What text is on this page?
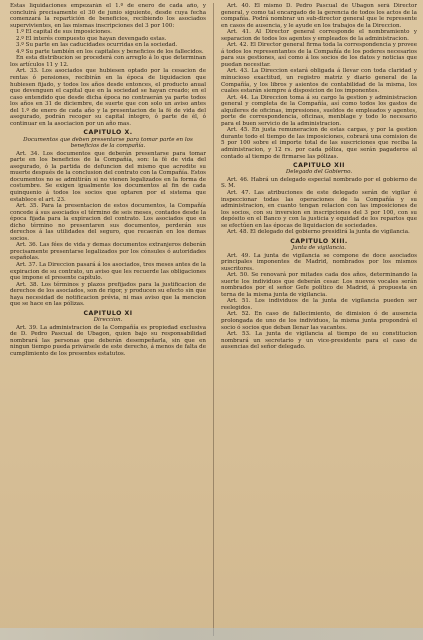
Estas liquidaciones empezarán el 1.º de enero de cada año, y concluirá precisamente el 30 de junio siguiente, desde cuya fecha comenzará la repartición de beneficios, recibiendo los asociados supervivientes, en las mismas inscripciones del 3 por 100:

1.º El capital de sus imposiciones.

2.º El interés compuesto que hayan devengado estas.

3.º Su parte en las caducidades ocurridas en la sociedad.

4.º Su parte también en los capitales y beneficios de los fallecidos.

En esta distribucion se procederá con arreglo á lo que determinan los artículos 11 y 12.

Art. 33. Los asociados que hubiesen optado por la cesacion de rentas ó pensiones, recibirán en la época de liquidacion que hubiesen fijado, y todos los años desde entonces, el producto anual que devenguen el capital que en la sociedad se hayan creado; en el caso entendido que desde dicha época no contraerán ya parte todos los años en 31 de diciembre, de suerte que con solo un aviso antes del 1.º de enero de cada año y la presentacion de la fé de vida del asegurado, podrán recoger su capital íntegro, ó parte de él, ó continuar en la asociacion por un año mas.

CAPITULO X.
Documentos que deben presentarse para tomar parte en los beneficios de la compañía.

Art. 34. Los documentos que deberán presentarse para tomar parte en los beneficios de la Compañía, son: la fé de vida del asegurado, ó la partida de defuncion del mismo que acredite su muerte después de la conclusion del contrato con la Compañía. Estos documentos no se admitirán si no vienen legalizados en la forma de costumbre. Se exigen igualmente los documentos al fin de cada quinquenio á todos los socios que optaren por el sistema que establece el art. 23.

Art. 35. Para la presentacion de estos documentos, la Compañía concede á sus asociados el término de seis meses, contados desde la época fijada para la expiracion del contrato. Los asociados que en dicho término no presentaren sus documentos, perderán sus derechos á las utilidades del seguro, que recaerán en los demas socios.

Art. 36. Las fées de vida y demas documentos extranjeros deberán precisamente presentarse legalizados por los cónsules ó autoridades españolas.

Art. 37. La Direccion pasará á los asociados, tres meses antes de la expiracion de su contrato, un aviso que les recuerde las obligaciones que impone el presente capítulo.

Art. 38. Los términos y plazos prefijados para la justificacion de derechos de los asociados, son de rigor, y producen su efecto sin que haya necesidad de notificacion prévia, ni mas aviso que la mencion que se hace en las pólizas.

CAPITULO XI
Direccion.

Art. 39. La administracion de la Compañía es propiedad exclusiva de D. Pedro Pascual de Ubagon, quien bajo su responsabilidad nombrará las personas que deberán desempeñarla, sin que en ningun tiempo pueda privársele de este derecho, á menos de falta de cumplimiento de los presentes estatutos.

Art. 40. El mismo D. Pedro Pascual de Ubagon será Director general, y como tal encargado de la gerencia de todos los actos de la compañía. Podrá nombrar un sub-director general que le represente en casos de ausencia, y le ayude en los trabajos de la Direccion.

Art. 41. Al Director general corresponde el nombramiento y separacion de todos los agentes y empleados de la administracion.

Art. 42. El Director general firma toda la correspondencia y provee á todos los representantes de la Compañía de los poderes necesarios para sus gestiones, así como á los socios de los datos y noticias que puedan necesitar.

Art. 43. La Direccion estará obligada á llevar con toda claridad y minucioso exactitud, un registro matriz y diario general de la Compañía, y los libros y asientos de contabilidad de la misma, los cuales estarán siempre á disposicion de los imponentes.

Art. 44. La Direccion toma á su cargo la gestion y administracion general y completa de la Compañía, así como todos los gastos de alquileres de oficinas, impresiones, sueldos de empleados y agentes, porte de correspondencia, oficinas, menblage y todo lo necesario para el buen servicio de la administracion.

Art. 45. En justa remuneracion de estas cargas, y por la gestion durante todo el tiempo de las imposiciones, cobrará una comision de 5 por 100 sobre el importe total de las suscriciones que reciba la administracion, y 12 rs. por cada póliza, que serán pagaderos al contado al tiempo de firmarse las pólizas.

CAPITULO XII
Delegado del Gobierno.

Art. 46. Habrá un delegado especial nombrado por el gobierno de S. M.

Art. 47. Las atribuciones de este delegado serán de vigilar é inspeccionar todas las operaciones de la Compañía y su administracion, en cuanto tengan relacion con las imposiciones de los socios, con su inversion en inscripciones del 3 por 100, con su depósito en el Banco y con la justicia y equidad de los repartos que se efectúen en las épocas de liquidacion de sociedades.

Art. 48. El delegado del gobierno presidirá la junta de vigilancia.

CAPITULO XIII.
Junta de vigilancia.

Art. 49. La junta de vigilancia se compone de doce asociados principales imponentes de Madrid, nombrados por los mismos suscritores.

Art. 50. Se renovará por mitades cada dos años, determinando la suerte los individuos que deberán cesar. Los nuevos vocales serán nombrados por el señor Gefe político de Madrid, á propuesta en terna de la misma junta de vigilancia.

Art. 51. Los individuos de la junta de vigilancia pueden ser reelegidos.

Art. 52. En caso de fallecimiento, de dimision ó de ausencia prolongada de uno de los individuos, la misma junta propondrá el socio ó socios que deban llenar las vacantes.

Art. 53. La junta de vigilancia al tiempo de su constitucion nombrará un secretario y un vice-presidente para el caso de ausencias del señor delegado.
